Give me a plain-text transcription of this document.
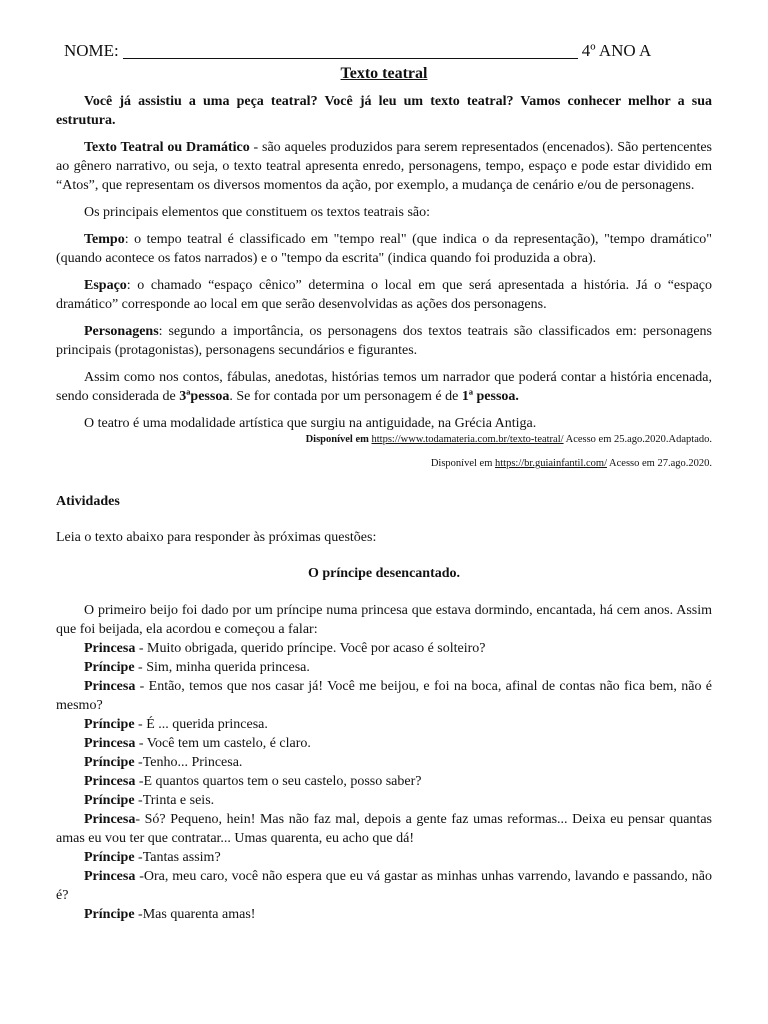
NOME:	4º ANO A
Texto teatral

Você já assistiu a uma peça teatral? Você já leu um texto teatral? Vamos conhecer melhor a sua estrutura.

Texto Teatral ou Dramático - são aqueles produzidos para serem representados (encenados). São pertencentes ao gênero narrativo, ou seja, o texto teatral apresenta enredo, personagens, tempo, espaço e pode estar dividido em “Atos”, que representam os diversos momentos da ação, por exemplo, a mudança de cenário e/ou de personagens.

Os principais elementos que constituem os textos teatrais são:

Tempo: o tempo teatral é classificado em "tempo real" (que indica o da representação), "tempo dramático" (quando acontece os fatos narrados) e o "tempo da escrita" (indica quando foi produzida a obra).

Espaço: o chamado “espaço cênico” determina o local em que será apresentada a história. Já o “espaço dramático” corresponde ao local em que serão desenvolvidas as ações dos personagens.

Personagens: segundo a importância, os personagens dos textos teatrais são classificados em: personagens principais (protagonistas), personagens secundários e figurantes.

Assim como nos contos, fábulas, anedotas, histórias temos um narrador que poderá contar a história encenada, sendo considerada de 3ªpessoa. Se for contada por um personagem é de 1ª pessoa.

O teatro é uma modalidade artística que surgiu na antiguidade, na Grécia Antiga.

Disponível em https://www.todamateria.com.br/texto-teatral/ Acesso em 25.ago.2020.Adaptado.

Disponível em https://br.guiainfantil.com/ Acesso em 27.ago.2020.

Atividades

Leia o texto abaixo para responder às próximas questões:

O príncipe desencantado.

O primeiro beijo foi dado por um príncipe numa princesa que estava dormindo, encantada, há cem anos. Assim que foi beijada, ela acordou e começou a falar:

Princesa - Muito obrigada, querido príncipe. Você por acaso é solteiro?

Príncipe - Sim, minha querida princesa.

Princesa - Então, temos que nos casar já! Você me beijou, e foi na boca, afinal de contas não fica bem, não é mesmo?

Príncipe - É ... querida princesa.

Princesa - Você tem um castelo, é claro.

Príncipe -Tenho... Princesa.

Princesa -E quantos quartos tem o seu castelo, posso saber?

Príncipe -Trinta e seis.

Princesa- Só? Pequeno, hein! Mas não faz mal, depois a gente faz umas reformas... Deixa eu pensar quantas amas eu vou ter que contratar... Umas quarenta, eu acho que dá!

Príncipe -Tantas assim?

Princesa -Ora, meu caro, você não espera que eu vá gastar as minhas unhas varrendo, lavando e passando, não é?

Príncipe -Mas quarenta amas!
